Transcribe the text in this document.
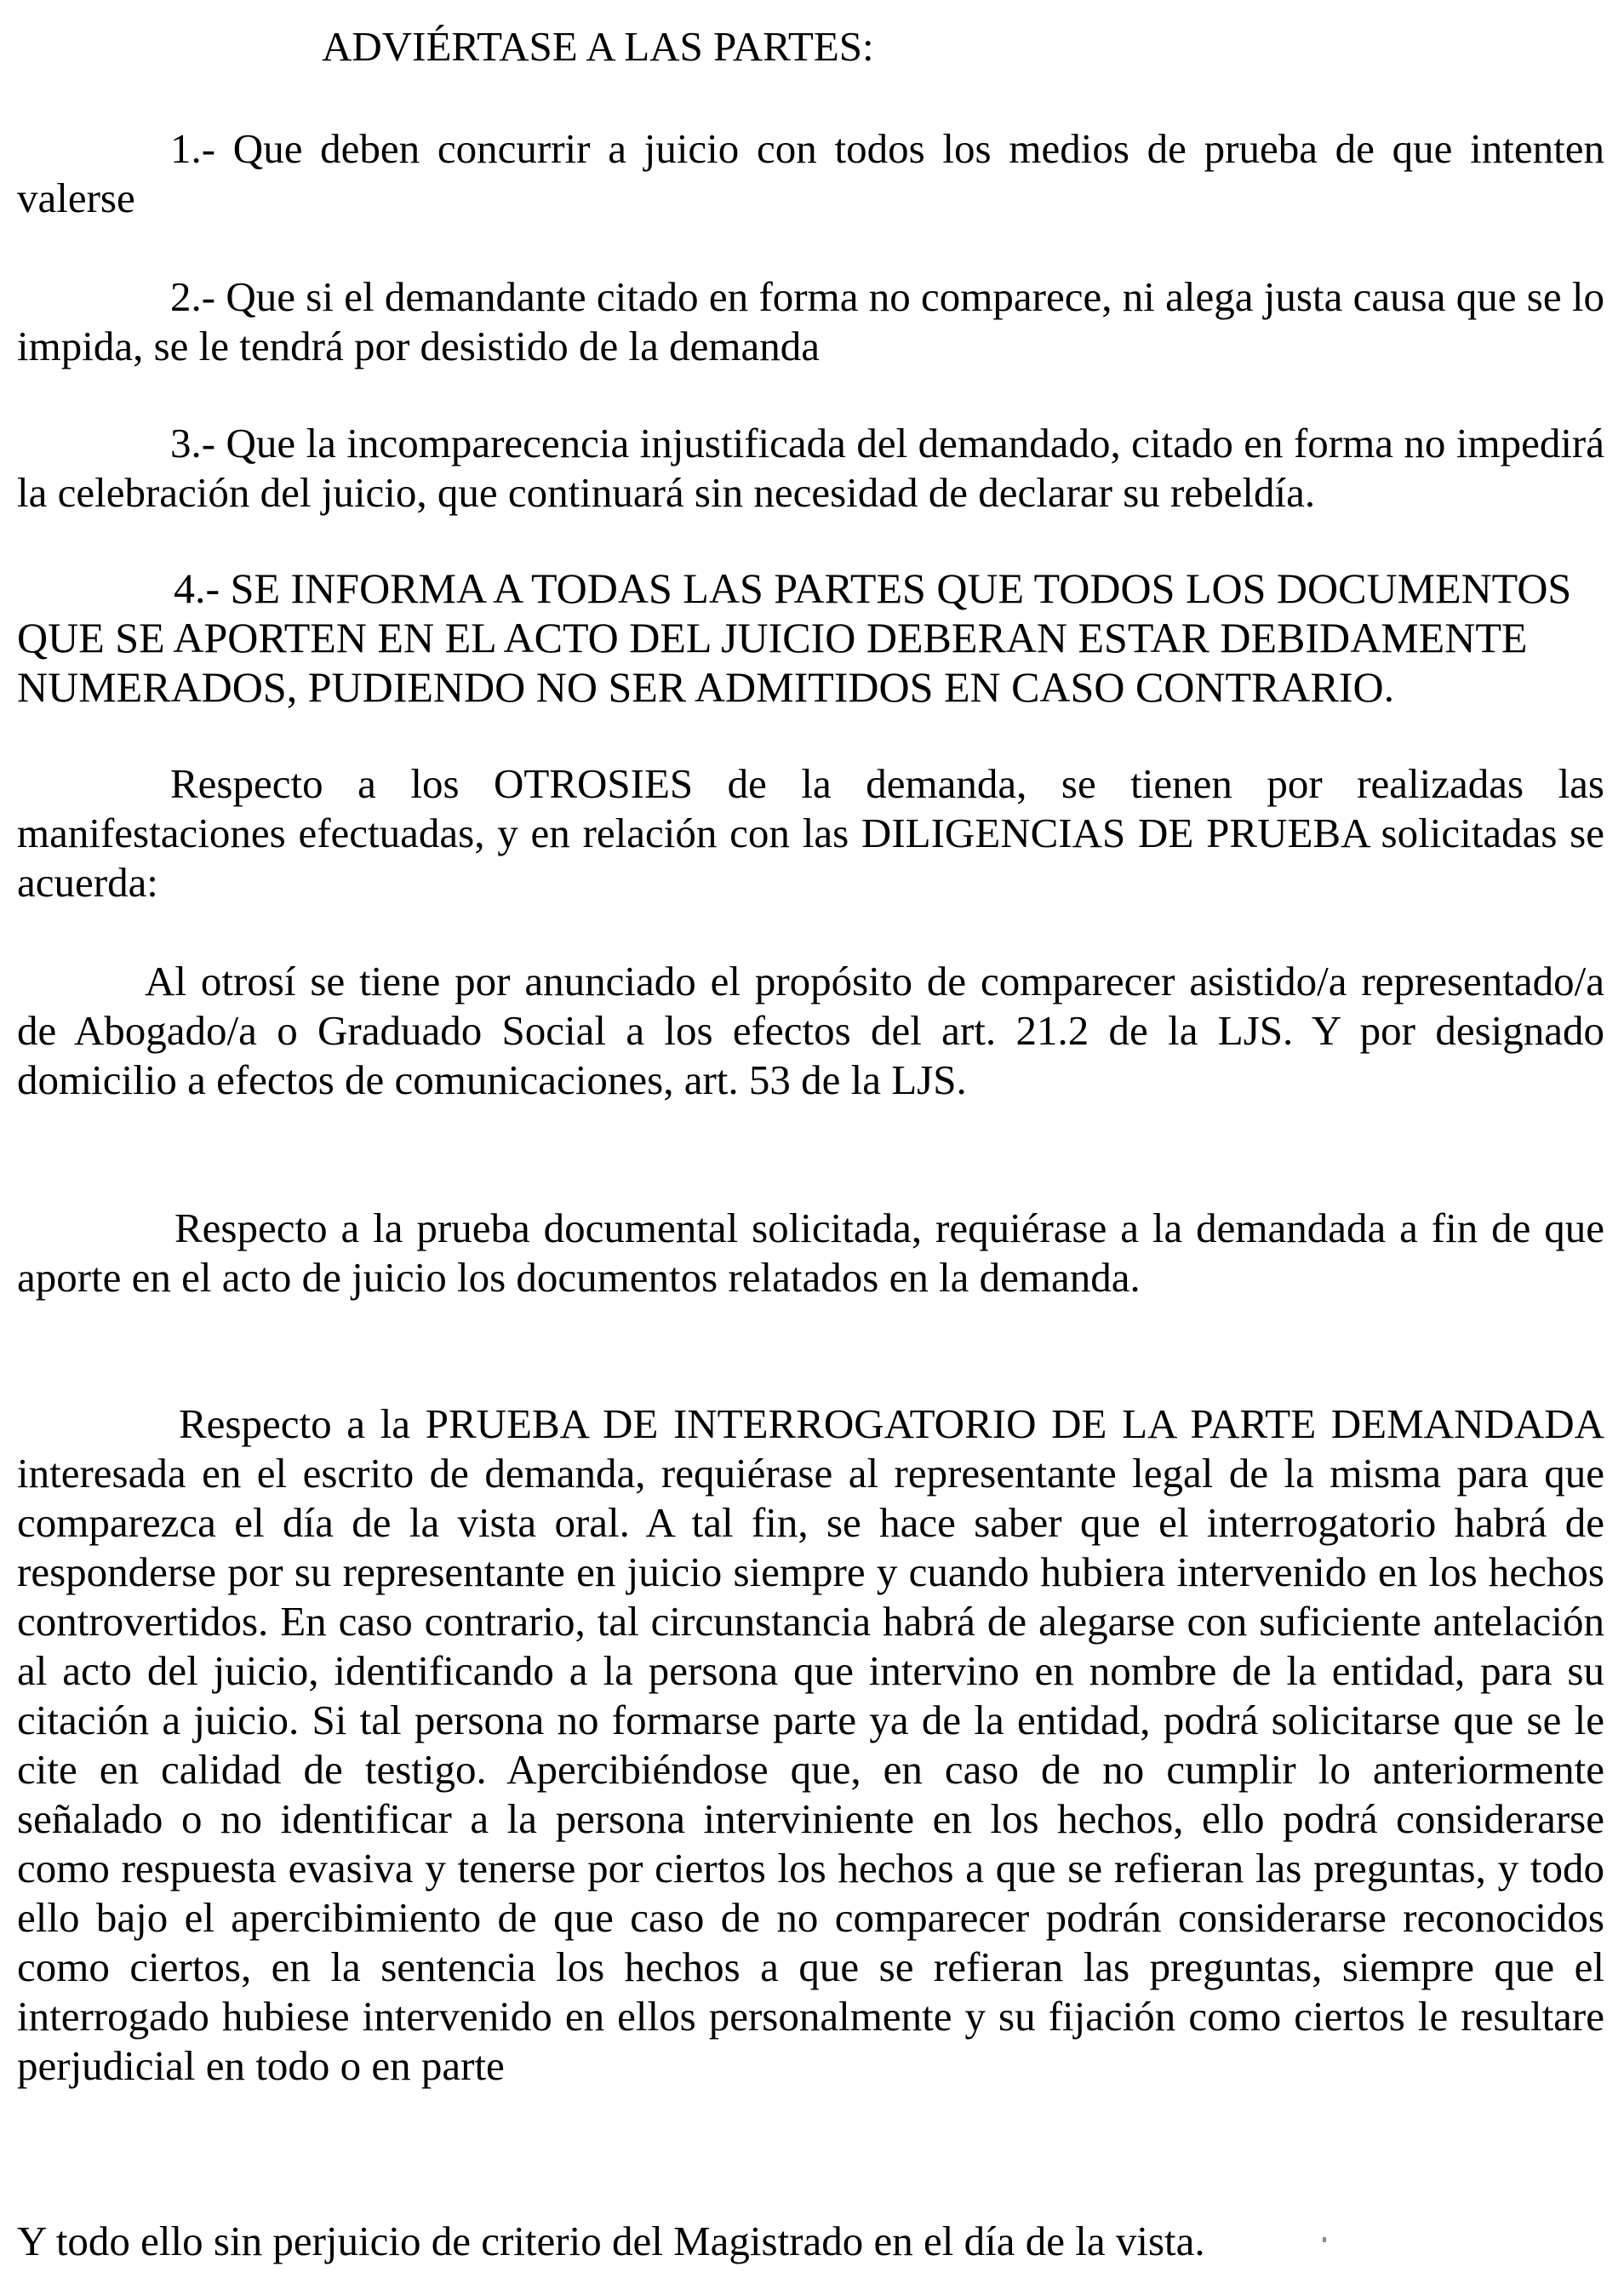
ADVIÉRTASE A LAS PARTES:

1.- Que deben concurrir a juicio con todos los medios de prueba de que intenten valerse

2.- Que si el demandante citado en forma no comparece, ni alega justa causa que se lo impida, se le tendrá por desistido de la demanda

3.- Que la incomparecencia injustificada del demandado, citado en forma no impedirá la celebración del juicio, que continuará sin necesidad de declarar su rebeldía.

4.- SE INFORMA A TODAS LAS PARTES QUE TODOS LOS DOCUMENTOS QUE SE APORTEN EN EL ACTO DEL JUICIO DEBERAN ESTAR DEBIDAMENTE NUMERADOS, PUDIENDO NO SER ADMITIDOS EN CASO CONTRARIO.

Respecto a los OTROSIES de la demanda, se tienen por realizadas las manifestaciones efectuadas, y en relación con las DILIGENCIAS DE PRUEBA solicitadas se acuerda:

Al otrosí se tiene por anunciado el propósito de comparecer asistido/a representado/a de Abogado/a o Graduado Social a los efectos del art. 21.2 de la LJS. Y por designado domicilio a efectos de comunicaciones, art. 53 de la LJS.

Respecto a la prueba documental solicitada, requiérase a la demandada a fin de que aporte en el acto de juicio los documentos relatados en la demanda.

Respecto a la PRUEBA DE INTERROGATORIO DE LA PARTE DEMANDADA interesada en el escrito de demanda, requiérase al representante legal de la misma para que comparezca el día de la vista oral. A tal fin, se hace saber que el interrogatorio habrá de responderse por su representante en juicio siempre y cuando hubiera intervenido en los hechos controvertidos. En caso contrario, tal circunstancia habrá de alegarse con suficiente antelación al acto del juicio, identificando a la persona que intervino en nombre de la entidad, para su citación a juicio. Si tal persona no formarse parte ya de la entidad, podrá solicitarse que se le cite en calidad de testigo. Apercibiéndose que, en caso de no cumplir lo anteriormente señalado o no identificar a la persona interviniente en los hechos, ello podrá considerarse como respuesta evasiva y tenerse por ciertos los hechos a que se refieran las preguntas, y todo ello bajo el apercibimiento de que caso de no comparecer podrán considerarse reconocidos como ciertos, en la sentencia los hechos a que se refieran las preguntas, siempre que el interrogado hubiese intervenido en ellos personalmente y su fijación como ciertos le resultare perjudicial en todo o en parte

Y todo ello sin perjuicio de criterio del Magistrado en el día de la vista.
